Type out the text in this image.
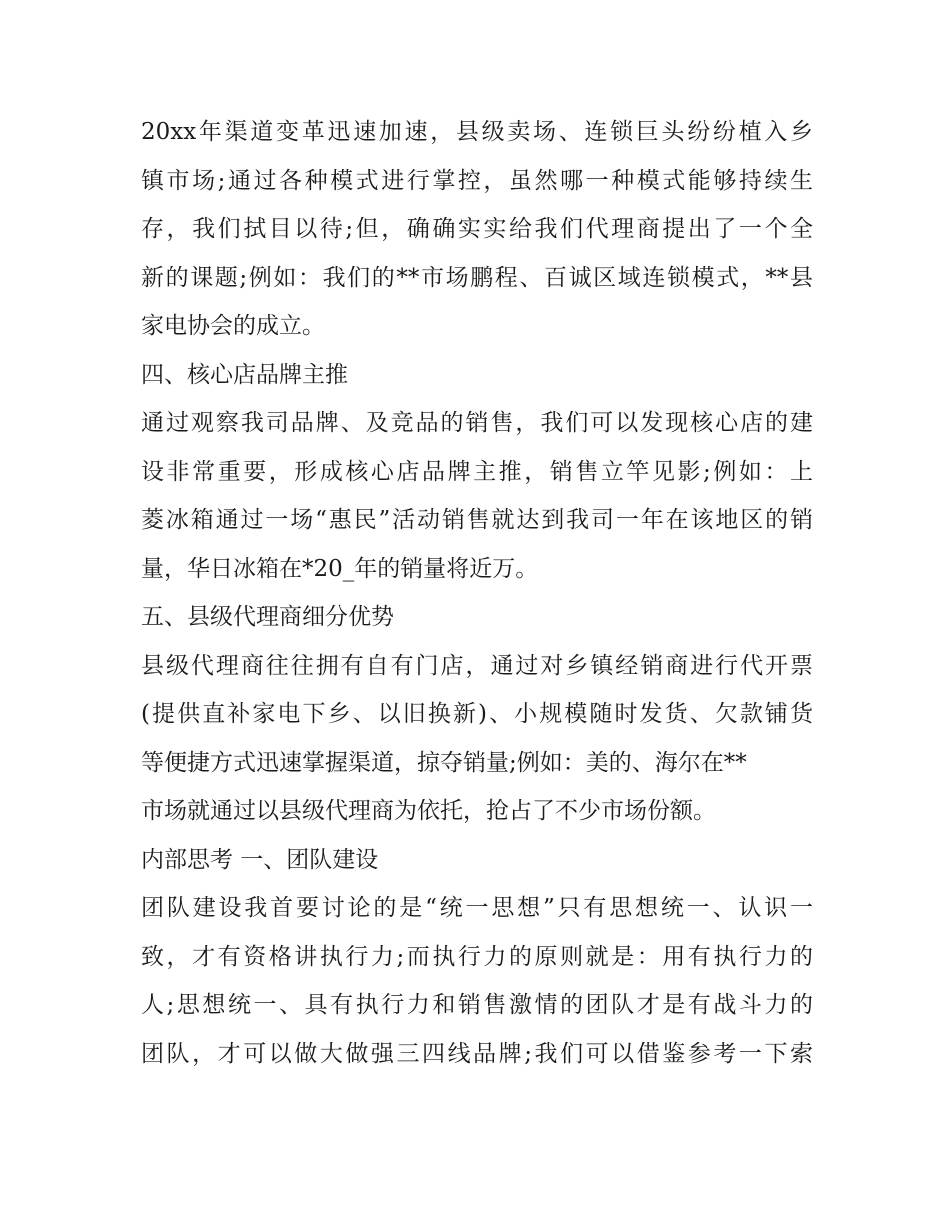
20xx年渠道变革迅速加速，县级卖场、连锁巨头纷纷植入乡
镇市场;通过各种模式进行掌控，虽然哪一种模式能够持续生
存，我们拭目以待;但，确确实实给我们代理商提出了一个全
新的课题;例如：我们的**市场鹏程、百诚区域连锁模式，**县
家电协会的成立。
四、核心店品牌主推
通过观察我司品牌、及竞品的销售，我们可以发现核心店的建
设非常重要，形成核心店品牌主推，销售立竿见影;例如：上
菱冰箱通过一场“惠民”活动销售就达到我司一年在该地区的销
量，华日冰箱在*20_年的销量将近万。
五、县级代理商细分优势
县级代理商往往拥有自有门店，通过对乡镇经销商进行代开票
(提供直补家电下乡、以旧换新)、小规模随时发货、欠款铺货
等便捷方式迅速掌握渠道，掠夺销量;例如：美的、海尔在**
市场就通过以县级代理商为依托，抢占了不少市场份额。
内部思考 一、团队建设
团队建设我首要讨论的是“统一思想”只有思想统一、认识一
致，才有资格讲执行力;而执行力的原则就是：用有执行力的
人;思想统一、具有执行力和销售激情的团队才是有战斗力的
团队，才可以做大做强三四线品牌;我们可以借鉴参考一下索
